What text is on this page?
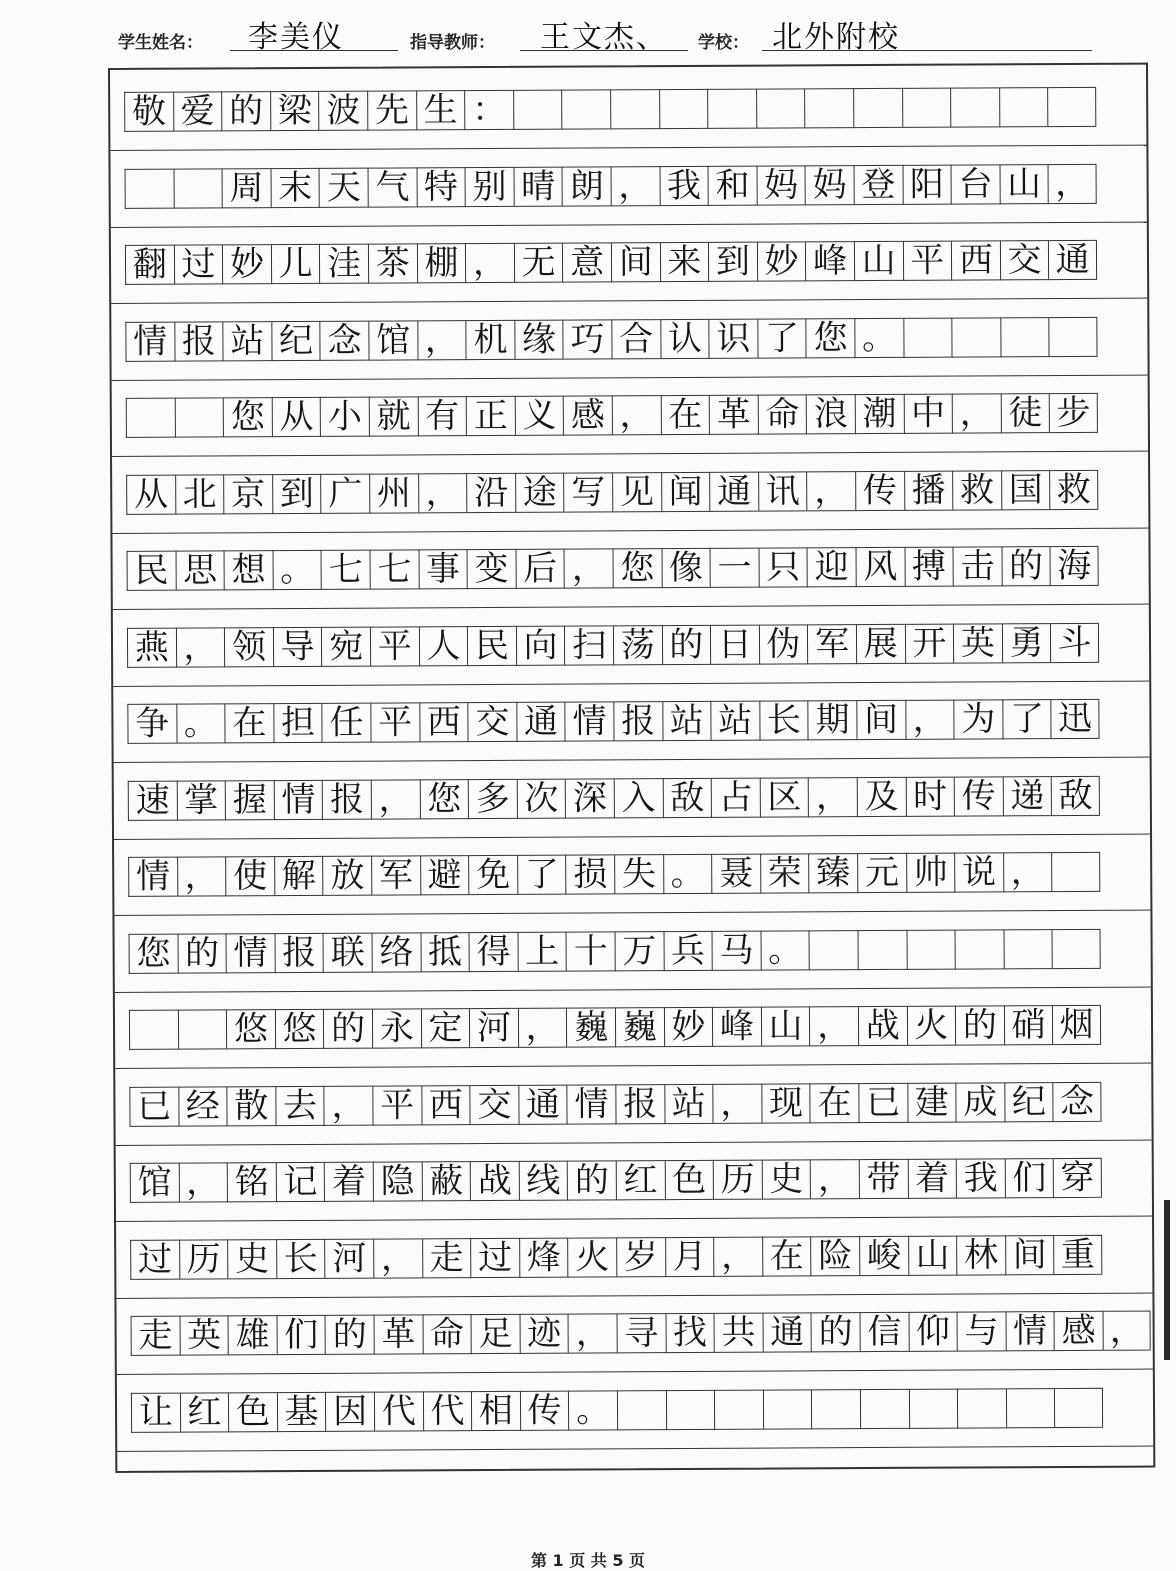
学生姓名： 李美仪	指导教师： 王文杰、 学校： 北外附校
敬 爱 的 梁 波 先 生 ：
周 末 天 气 特 别 晴 朗 ， 我 和 妈 妈 登 阳 台 山 ，
翻 过 妙 儿 洼 茶 棚 ， 无 意 间 来 到 妙 峰 山 平 西 交 通
情 报 站 纪 念 馆 ， 机 缘 巧 合 认 识 了 您 。
您 从 小 就 有 正 义 感 ， 在 革 命 浪 潮 中 ， 徒 步
从 北 京 到 广 州 ， 沿 途 写 见 闻 通 讯 ， 传 播 救 国 救
民 思 想 。 七 七 事 变 后 ， 您 像 一 只 迎 风 搏 击 的 海
燕 ， 领 导 宛 平 人 民 向 扫 荡 的 日 伪 军 展 开 英 勇 斗
争 。 在 担 任 平 西 交 通 情 报 站 站 长 期 间 ， 为 了 迅
速 掌 握 情 报 ， 您 多 次 深 入 敌 占 区 ， 及 时 传 递 敌
情 ， 使 解 放 军 避 免 了 损 失 。 聂 荣 臻 元 帅 说 ，
您 的 情 报 联 络 抵 得 上 十 万 兵 马 。
悠 悠 的 永 定 河 ， 巍 巍 妙 峰 山 ， 战 火 的 硝 烟
已 经 散 去 ， 平 西 交 通 情 报 站 ， 现 在 已 建 成 纪 念
馆 ， 铭 记 着 隐 蔽 战 线 的 红 色 历 史 ， 带 着 我 们 穿
过 历 史 长 河 ， 走 过 烽 火 岁 月 ， 在 险 峻 山 林 间 重
走 英 雄 们 的 革 命 足 迹 ， 寻 找 共 通 的 信 仰 与 情 感 ，
让 红 色 基 因 代 代 相 传 。
第 1 页 共 5 页
